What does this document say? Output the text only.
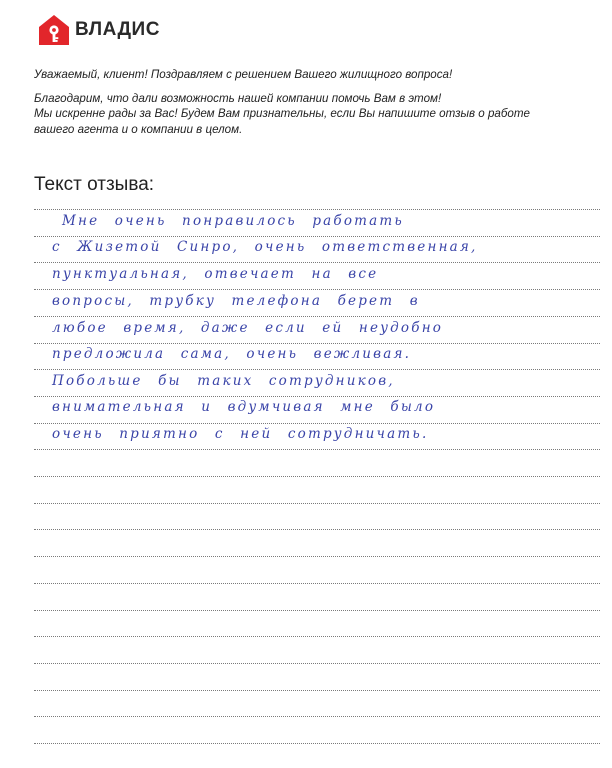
ВЛАДИС

Уважаемый, клиент! Поздравляем с решением Вашего жилищного вопроса!

Благодарим, что дали возможность нашей компании помочь Вам в этом!

Мы искренне рады за Вас! Будем Вам признательны, если Вы напишите отзыв о работе

вашего агента и о компании в целом.

Текст отзыва:
Мне очень понравилось работать
с Жизетой Синро, очень ответственная,
пунктуальная, отвечает на все
вопросы, трубку телефона берет в
любое время, даже если ей неудобно
предложила сама, очень вежливая.
Побольше бы таких сотрудников,
внимательная и вдумчивая мне было
очень приятно с ней сотрудничать.
